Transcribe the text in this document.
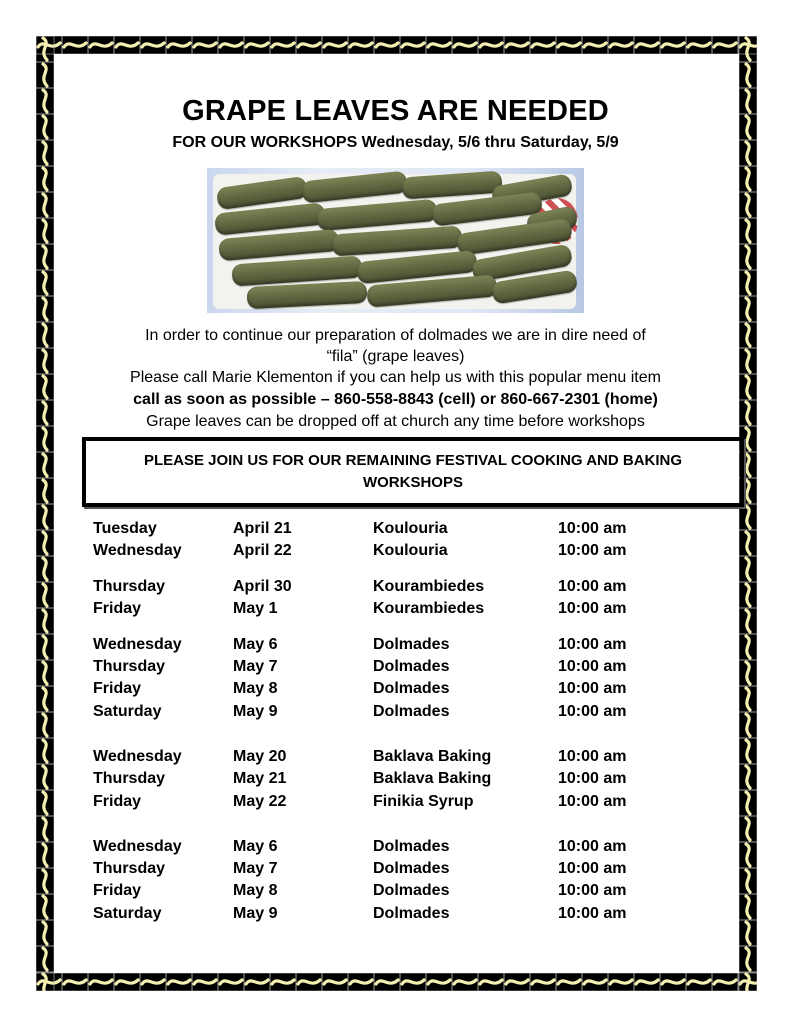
GRAPE LEAVES ARE NEEDED
FOR OUR WORKSHOPS Wednesday, 5/6 thru Saturday, 5/9
In order to continue our preparation of dolmades we are in dire need of
“fila” (grape leaves)
Please call Marie Klementon if you can help us with this popular menu item
call as soon as possible – 860-558-8843 (cell) or 860-667-2301 (home)
Grape leaves can be dropped off at church any time before workshops
PLEASE JOIN US FOR OUR REMAINING FESTIVAL COOKING AND BAKING WORKSHOPS
Tuesday	April 21	Koulouria	10:00 am
Wednesday	April 22	Koulouria	10:00 am
Thursday	April 30	Kourambiedes	10:00 am
Friday	May 1	Kourambiedes	10:00 am
Wednesday	May 6	Dolmades	10:00 am
Thursday	May 7	Dolmades	10:00 am
Friday	May 8	Dolmades	10:00 am
Saturday	May 9	Dolmades	10:00 am
Wednesday	May 20	Baklava Baking	10:00 am
Thursday	May 21	Baklava Baking	10:00 am
Friday	May 22	Finikia Syrup	10:00 am
Wednesday	May 6	Dolmades	10:00 am
Thursday	May 7	Dolmades	10:00 am
Friday	May 8	Dolmades	10:00 am
Saturday	May 9	Dolmades	10:00 am
